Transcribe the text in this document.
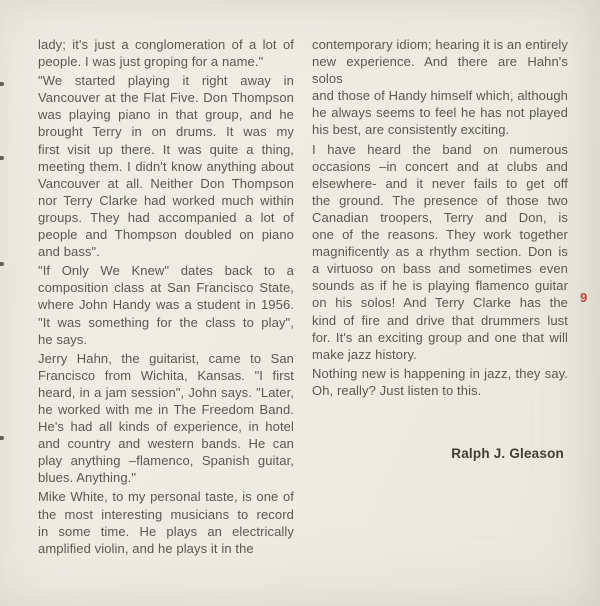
lady; it's just a conglomeration of a lot of
people. I was just groping for a name."
"We started playing it right away in
Vancouver at the Flat Five. Don Thompson
was playing piano in that group, and he
brought Terry in on drums. It was my
first visit up there. It was quite a thing,
meeting them. I didn't know anything about
Vancouver at all. Neither Don Thompson
nor Terry Clarke had worked much within
groups. They had accompanied a lot of
people and Thompson doubled on piano
and bass".
"If Only We Knew" dates back to a
composition class at San Francisco State,
where John Handy was a student in 1956.
"It was something for the class to play",
he says.
Jerry Hahn, the guitarist, came to San
Francisco from Wichita, Kansas. "I first
heard, in a jam session", John says. "Later,
he worked with me in The Freedom Band.
He's had all kinds of experience, in hotel
and country and western bands. He can
play anything –flamenco, Spanish guitar,
blues. Anything."
Mike White, to my personal taste, is one of
the most interesting musicians to record
in some time. He plays an electrically
amplified violin, and he plays it in the
contemporary idiom; hearing it is an entirely
new experience. And there are Hahn's solos
and those of Handy himself which, although
he always seems to feel he has not played
his best, are consistently exciting.
I have heard the band on numerous
occasions –in concert and at clubs and
elsewhere- and it never fails to get off
the ground. The presence of those two
Canadian troopers, Terry and Don, is
one of the reasons. They work together
magnificently as a rhythm section. Don is
a virtuoso on bass and sometimes even
sounds as if he is playing flamenco guitar
on his solos! And Terry Clarke has the
kind of fire and drive that drummers lust
for. It's an exciting group and one that will
make jazz history.
Nothing new is happening in jazz, they say.
Oh, really? Just listen to this.
Ralph J. Gleason
9
